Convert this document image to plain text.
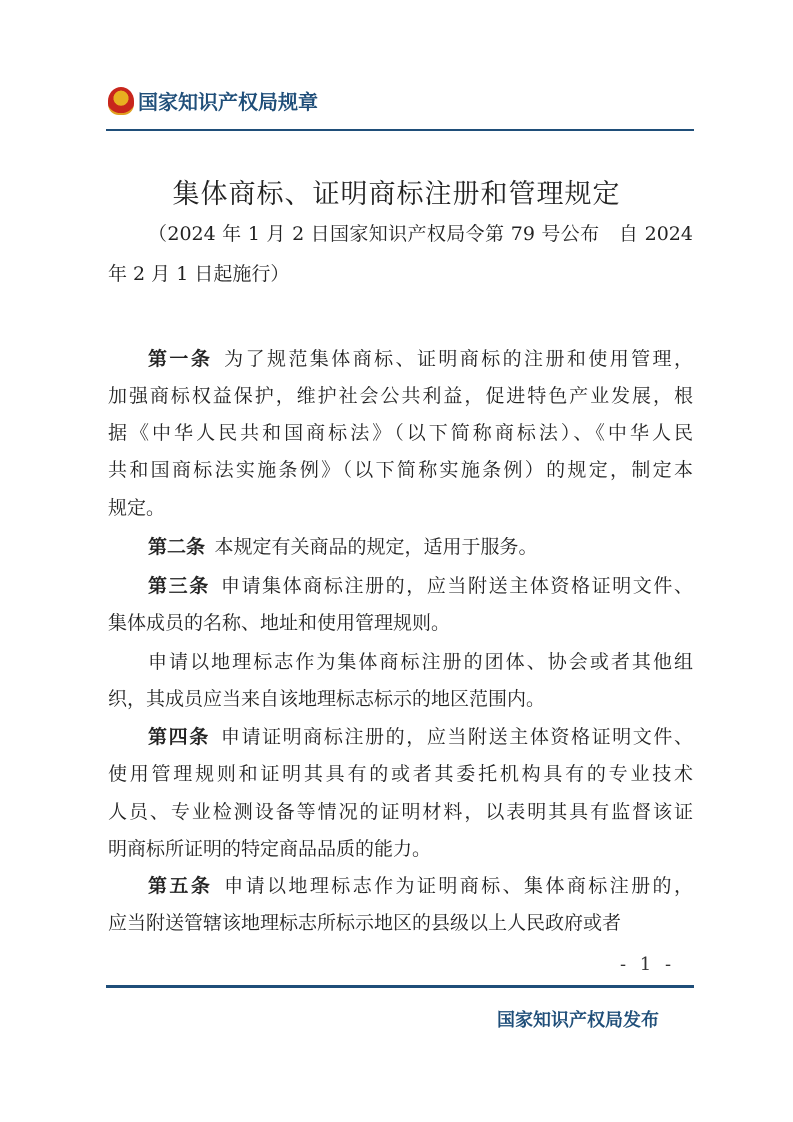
国家知识产权局规章
集体商标、证明商标注册和管理规定
（2024 年 1 月 2 日国家知识产权局令第 79 号公布　自 2024
年 2 月 1 日起施行）
第一条  为了规范集体商标、证明商标的注册和使用管理，
加强商标权益保护，维护社会公共利益，促进特色产业发展，根
据《中华人民共和国商标法》（以下简称商标法）、《中华人民
共和国商标法实施条例》（以下简称实施条例）的规定，制定本
规定。
第二条  本规定有关商品的规定，适用于服务。
第三条  申请集体商标注册的，应当附送主体资格证明文件、
集体成员的名称、地址和使用管理规则。
申请以地理标志作为集体商标注册的团体、协会或者其他组
织，其成员应当来自该地理标志标示的地区范围内。
第四条  申请证明商标注册的，应当附送主体资格证明文件、
使用管理规则和证明其具有的或者其委托机构具有的专业技术
人员、专业检测设备等情况的证明材料，以表明其具有监督该证
明商标所证明的特定商品品质的能力。
第五条  申请以地理标志作为证明商标、集体商标注册的，
应当附送管辖该地理标志所标示地区的县级以上人民政府或者
- 1 -
国家知识产权局发布
